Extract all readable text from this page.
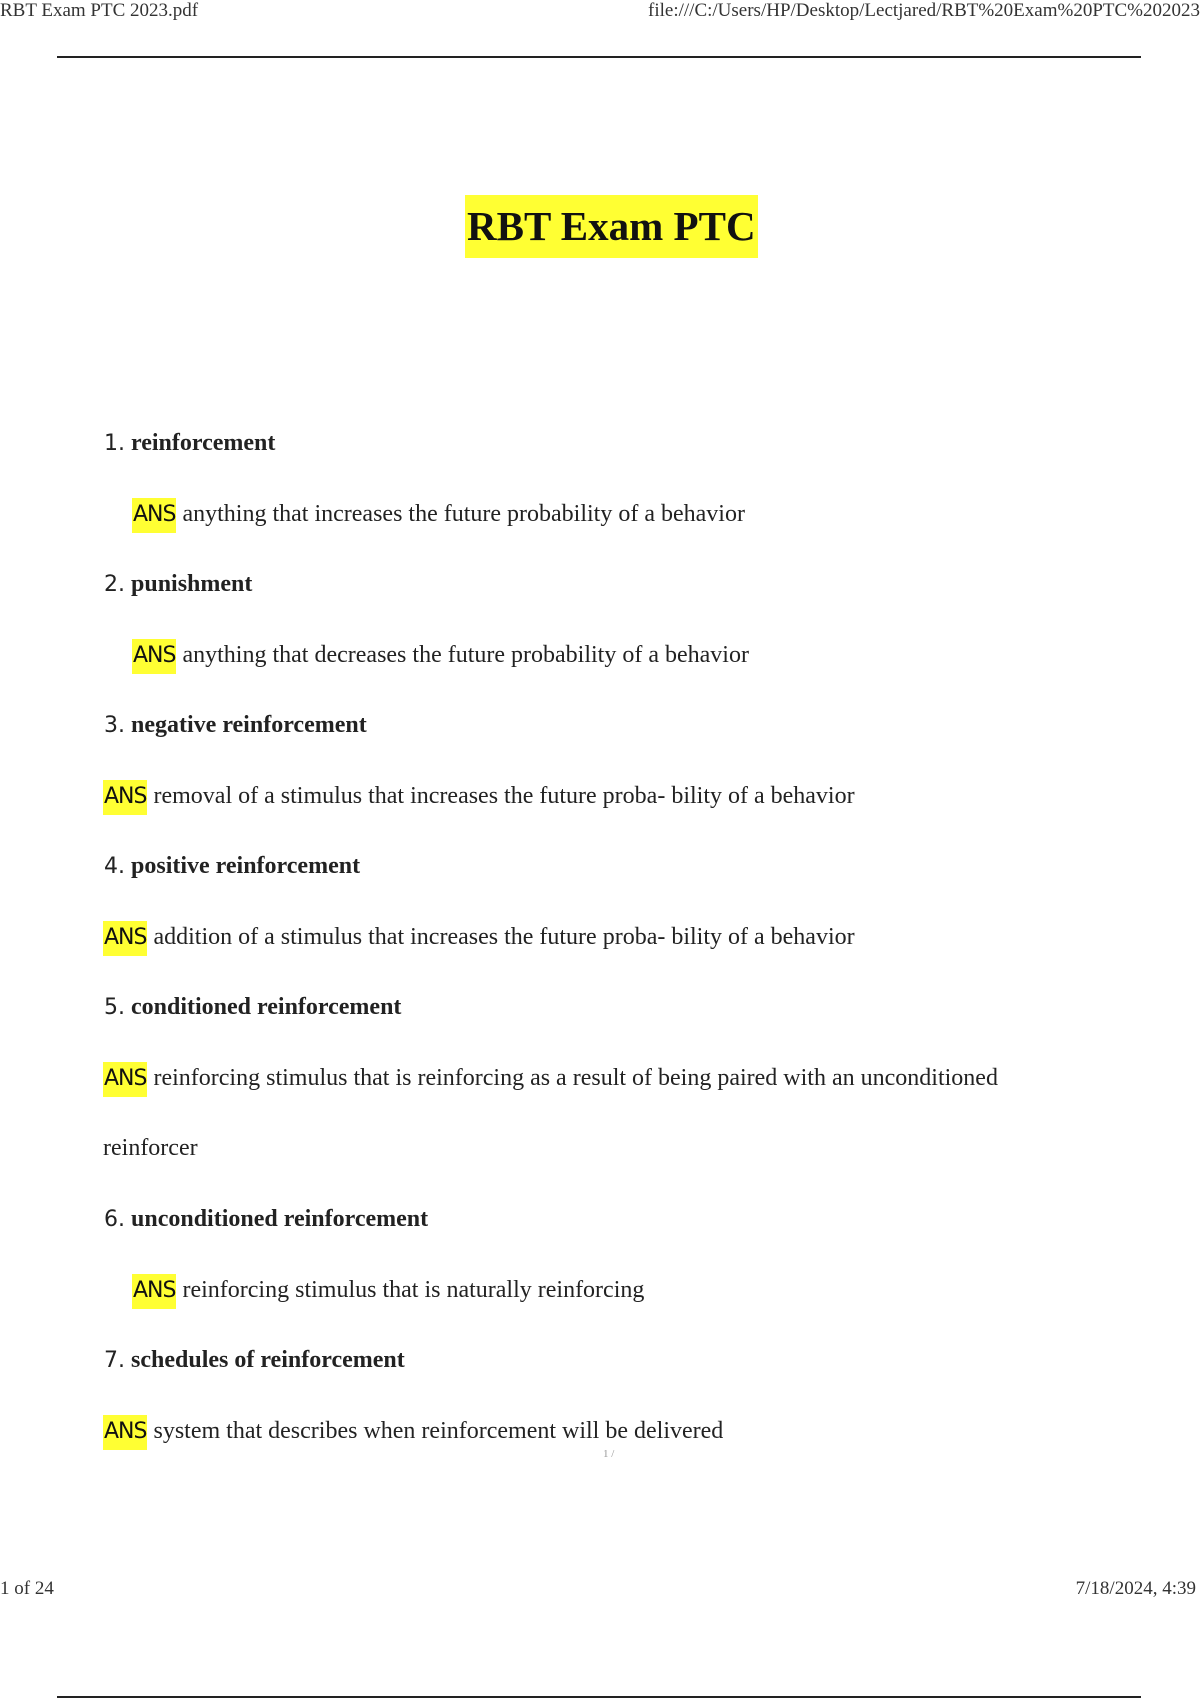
RBT Exam PTC 2023.pdf	file:///C:/Users/HP/Desktop/Lectjared/RBT%20Exam%20PTC%202023
RBT Exam PTC
1. reinforcement
ANS anything that increases the future probability of a behavior
2. punishment
ANS anything that decreases the future probability of a behavior
3. negative reinforcement
ANS removal of a stimulus that increases the future proba- bility of a behavior
4. positive reinforcement
ANS addition of a stimulus that increases the future proba- bility of a behavior
5. conditioned reinforcement
ANS reinforcing stimulus that is reinforcing as a result of being paired with an unconditioned
reinforcer
6. unconditioned reinforcement
ANS reinforcing stimulus that is naturally reinforcing
7. schedules of reinforcement
ANS system that describes when reinforcement will be delivered
1 /
1 of 24	7/18/2024, 4:39
